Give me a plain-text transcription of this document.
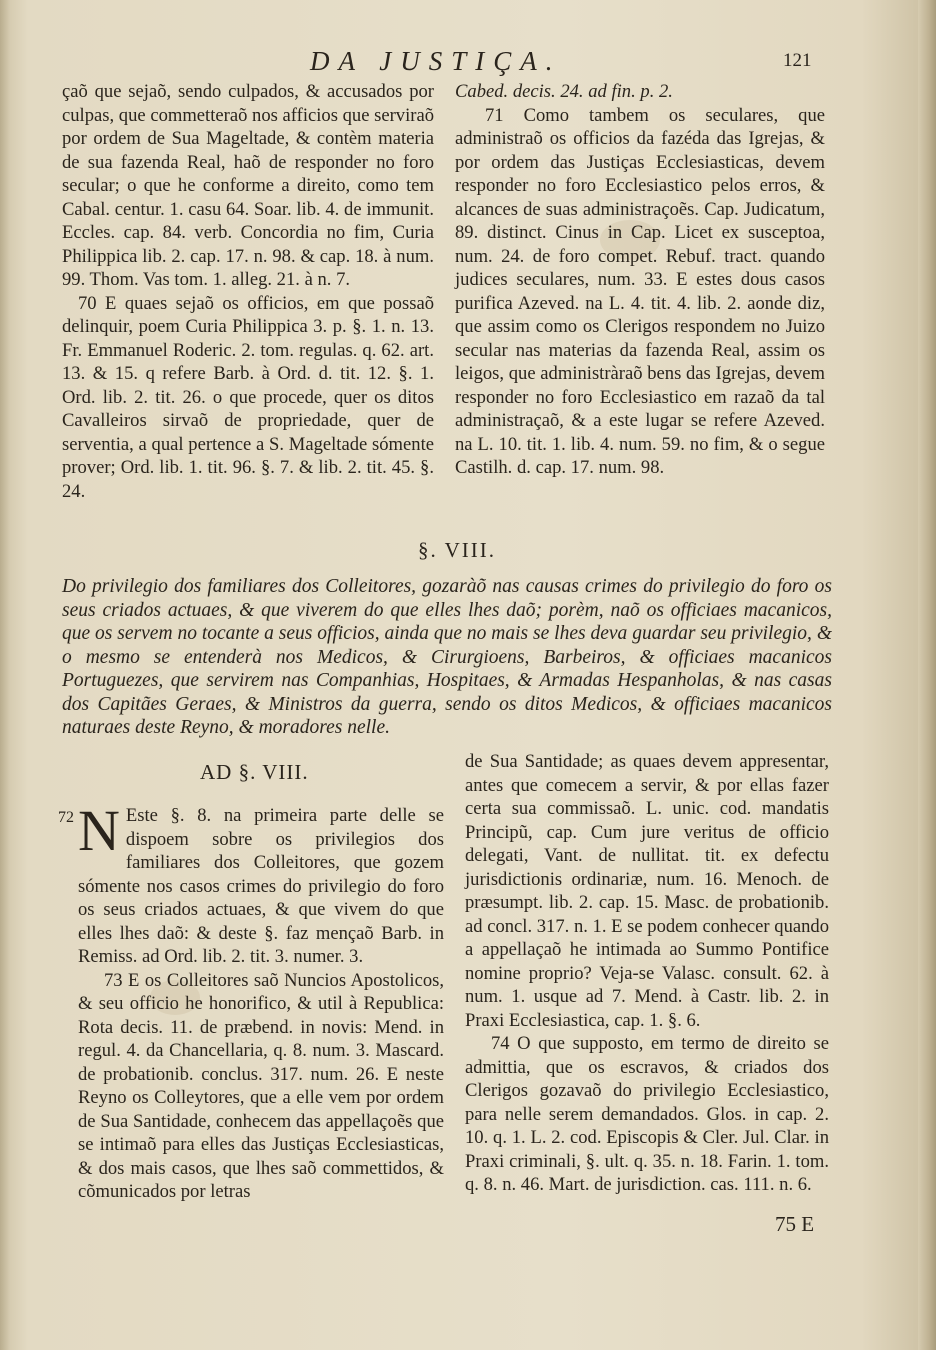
DA JUSTIÇA.	121

çaõ que sejaõ, sendo culpados, & accusados por culpas, que commetteraõ nos afficios que serviraõ por ordem de Sua Mageltade, & contèm materia de sua fazenda Real, haõ de responder no foro secular; o que he conforme a direito, como tem Cabal. centur. 1. casu 64. Soar. lib. 4. de immunit. Eccles. cap. 84. verb. Concordia no fim, Curia Philippica lib. 2. cap. 17. n. 98. & cap. 18. à num. 99. Thom. Vas tom. 1. alleg. 21. à n. 7.

70 E quaes sejaõ os officios, em que possaõ delinquir, poem Curia Philippica 3. p. §. 1. n. 13. Fr. Emmanuel Roderic. 2. tom. regulas. q. 62. art. 13. & 15. q refere Barb. à Ord. d. tit. 12. §. 1. Ord. lib. 2. tit. 26. o que procede, quer os ditos Cavalleiros sirvaõ de propriedade, quer de serventia, a qual pertence a S. Mageltade sómente prover; Ord. lib. 1. tit. 96. §. 7. & lib. 2. tit. 45. §. 24.

Cabed. decis. 24. ad fin. p. 2.

71 Como tambem os seculares, que administraõ os officios da fazéda das Igrejas, & por ordem das Justiças Ecclesiasticas, devem responder no foro Ecclesiastico pelos erros, & alcances de suas administraçoẽs. Cap. Judicatum, 89. distinct. Cinus in Cap. Licet ex susceptoa, num. 24. de foro compet. Rebuf. tract. quando judices seculares, num. 33. E estes dous casos purifica Azeved. na L. 4. tit. 4. lib. 2. aonde diz, que assim como os Clerigos respondem no Juizo secular nas materias da fazenda Real, assim os leigos, que administràraõ bens das Igrejas, devem responder no foro Ecclesiastico em razaõ da tal administraçaõ, & a este lugar se refere Azeved. na L. 10. tit. 1. lib. 4. num. 59. no fim, & o segue Castilh. d. cap. 17. num. 98.

§. VIII.
Do privilegio dos familiares dos Colleitores, gozaràõ nas causas crimes do privilegio do foro os seus criados actuaes, & que viverem do que elles lhes daõ; porèm, naõ os officiaes macanicos, que os servem no tocante a seus officios, ainda que no mais se lhes deva guardar seu privilegio, & o mesmo se entenderà nos Medicos, & Cirurgioens, Barbeiros, & officiaes macanicos Portuguezes, que servirem nas Companhias, Hospitaes, & Armadas Hespanholas, & nas casas dos Capitães Geraes, & Ministros da guerra, sendo os ditos Medicos, & officiaes macanicos naturaes deste Reyno, & moradores nelle.
AD §. VIII.

72 N Este §. 8. na primeira parte delle se dispoem sobre os privilegios dos familiares dos Colleitores, que gozem sómente nos casos crimes do privilegio do foro os seus criados actuaes, & que vivem do que elles lhes daõ: & deste §. faz mençaõ Barb. in Remiss. ad Ord. lib. 2. tit. 3. numer. 3.

73 E os Colleitores saõ Nuncios Apostolicos, & seu officio he honorifico, & util à Republica: Rota decis. 11. de præbend. in novis: Mend. in regul. 4. da Chancellaria, q. 8. num. 3. Mascard. de probationib. conclus. 317. num. 26. E neste Reyno os Colleytores, que a elle vem por ordem de Sua Santidade, conhecem das appellaçoẽs que se intimaõ para elles das Justiças Ecclesiasticas, & dos mais casos, que lhes saõ commettidos, & cõmunicados por letras

de Sua Santidade; as quaes devem appresentar, antes que comecem a servir, & por ellas fazer certa sua commissaõ. L. unic. cod. mandatis Principũ, cap. Cum jure veritus de officio delegati, Vant. de nullitat. tit. ex defectu jurisdictionis ordinariæ, num. 16. Menoch. de præsumpt. lib. 2. cap. 15. Masc. de probationib. ad concl. 317. n. 1. E se podem conhecer quando a appellaçaõ he intimada ao Summo Pontifice nomine proprio? Veja-se Valasc. consult. 62. à num. 1. usque ad 7. Mend. à Castr. lib. 2. in Praxi Ecclesiastica, cap. 1. §. 6.

74 O que supposto, em termo de direito se admittia, que os escravos, & criados dos Clerigos gozavaõ do privilegio Ecclesiastico, para nelle serem demandados. Glos. in cap. 2. 10. q. 1. L. 2. cod. Episcopis & Cler. Jul. Clar. in Praxi criminali, §. ult. q. 35. n. 18. Farin. 1. tom. q. 8. n. 46. Mart. de jurisdiction. cas. 111. n. 6.

75 E
